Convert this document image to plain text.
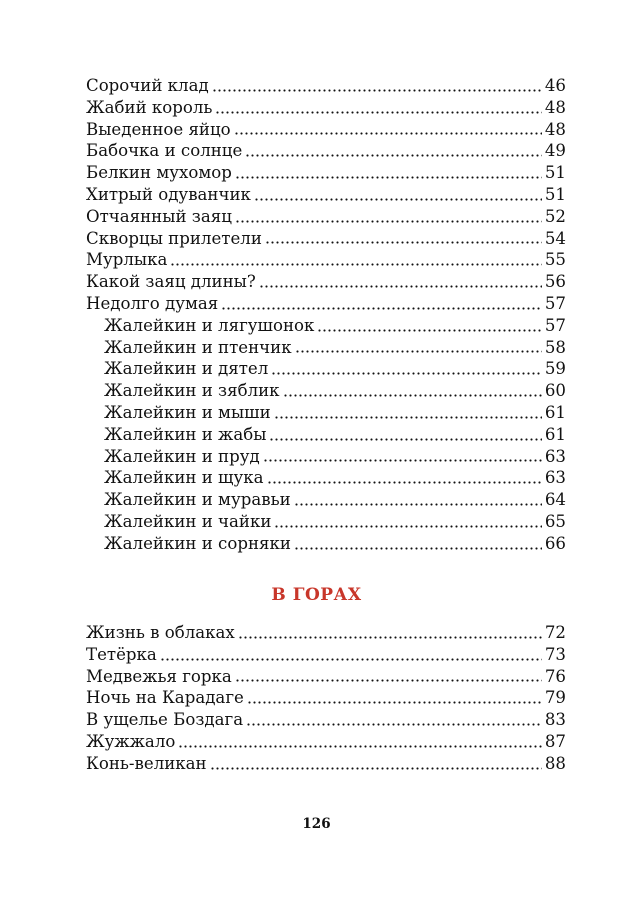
Сорочий клад	46
Жабий король	48
Выеденное яйцо	48
Бабочка и солнце	49
Белкин мухомор	51
Хитрый одуванчик	51
Отчаянный заяц	52
Скворцы прилетели	54
Мурлыка	55
Какой заяц длины?	56
Недолго думая	57
Жалейкин и лягушонок	57
Жалейкин и птенчик	58
Жалейкин и дятел	59
Жалейкин и зяблик	60
Жалейкин и мыши	61
Жалейкин и жабы	61
Жалейкин и пруд	63
Жалейкин и щука	63
Жалейкин и муравьи	64
Жалейкин и чайки	65
Жалейкин и сорняки	66
В ГОРАХ
Жизнь в облаках	72
Тетёрка	73
Медвежья горка	76
Ночь на Карадаге	79
В ущелье Боздага	83
Жужжало	87
Конь-великан	88
126
